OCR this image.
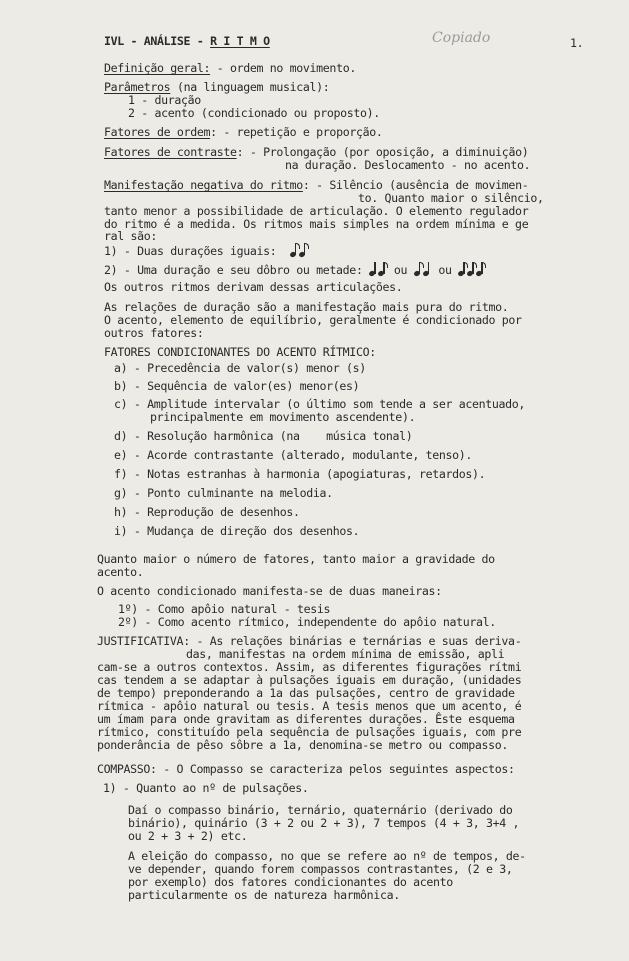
IVL - ANÁLISE - R I T M O	1.
Copiado
Definição geral: - ordem no movimento.
Parâmetros (na linguagem musical):
1 - duração
2 - acento (condicionado ou proposto).
Fatores de ordem: - repetição e proporção.
Fatores de contraste: - Prolongação (por oposição, a diminuição)
na duração. Deslocamento - no acento.
Manifestação negativa do ritmo: - Silêncio (ausência de movimen-
to. Quanto maior o silêncio,
tanto menor a possibilidade de articulação. O elemento regulador
do ritmo é a medida. Os ritmos mais simples na ordem mínima e ge
ral são:
1) - Duas durações iguais:
2) - Uma duração e seu dôbro ou metade:	ou	ou
Os outros ritmos derivam dessas articulações.
As relações de duração são a manifestação mais pura do ritmo.
O acento, elemento de equilíbrio, geralmente é condicionado por
outros fatores:
FATORES CONDICIONANTES DO ACENTO RÍTMICO:
a) - Precedência de valor(s) menor (s)
b) - Sequência de valor(es) menor(es)
c) - Amplitude intervalar (o último som tende a ser acentuado,
principalmente em movimento ascendente).
d) - Resolução harmônica (na    música tonal)
e) - Acorde contrastante (alterado, modulante, tenso).
f) - Notas estranhas à harmonia (apogiaturas, retardos).
g) - Ponto culminante na melodia.
h) - Reprodução de desenhos.
i) - Mudança de direção dos desenhos.
Quanto maior o número de fatores, tanto maior a gravidade do
acento.
O acento condicionado manifesta-se de duas maneiras:
1º) - Como apôio natural - tesis
2º) - Como acento rítmico, independente do apôio natural.
JUSTIFICATIVA: - As relações binárias e ternárias e suas deriva-
das, manifestas na ordem mínima de emissão, apli
cam-se a outros contextos. Assim, as diferentes figurações rítmi
cas tendem a se adaptar à pulsações iguais em duração, (unidades
de tempo) preponderando a 1a das pulsações, centro de gravidade
rítmica - apôio natural ou tesis. A tesis menos que um acento, é
um ímam para onde gravitam as diferentes durações. Êste esquema
rítmico, constituído pela sequência de pulsações iguais, com pre
ponderância de pêso sôbre a 1a, denomina-se metro ou compasso.
COMPASSO: - O Compasso se caracteriza pelos seguintes aspectos:
1) - Quanto ao nº de pulsações.
Daí o compasso binário, ternário, quaternário (derivado do
binário), quinário (3 + 2 ou 2 + 3), 7 tempos (4 + 3, 3+4 ,
ou 2 + 3 + 2) etc.
A eleição do compasso, no que se refere ao nº de tempos, de-
ve depender, quando forem compassos contrastantes, (2 e 3,
por exemplo) dos fatores condicionantes do acento
particularmente os de natureza harmônica.
